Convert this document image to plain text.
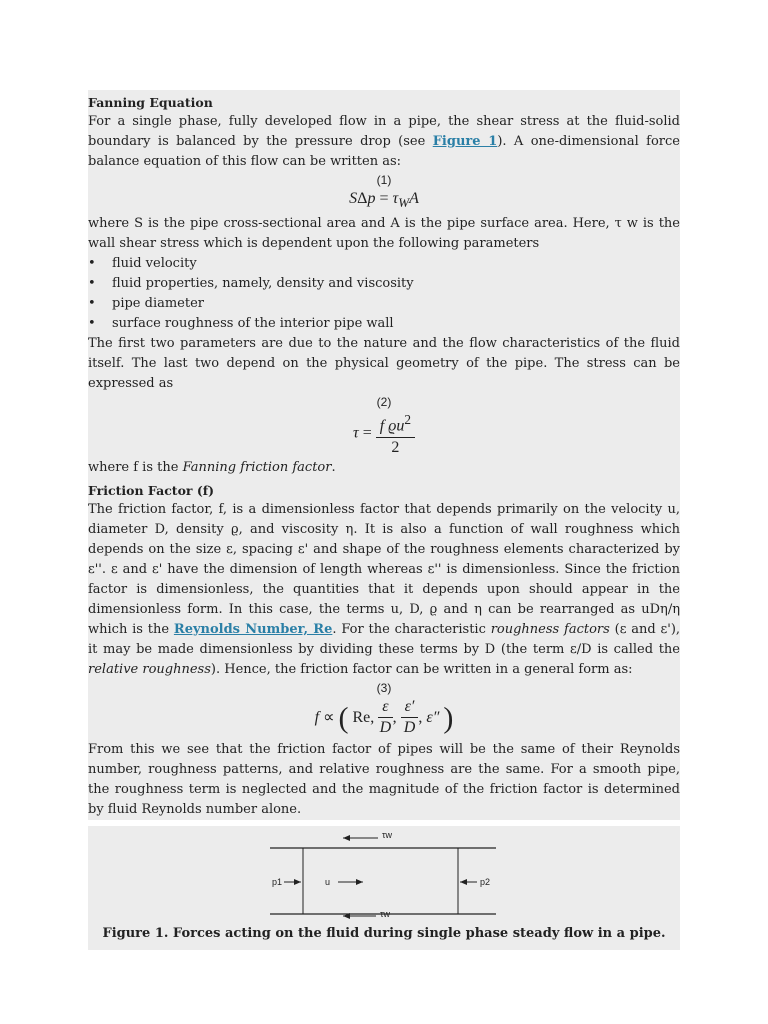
Fanning Equation

For a single phase, fully developed flow in a pipe, the shear stress at the fluid-solid boundary is balanced by the pressure drop (see Figure 1). A one-dimensional force balance equation of this flow can be written as:

(1)
$S\Delta p = \tau_WA$

where S is the pipe cross-sectional area and A is the pipe surface area. Here, τ w is the wall shear stress which is dependent upon the following parameters

• fluid velocity
• fluid properties, namely, density and viscosity
• pipe diameter
• surface roughness of the interior pipe wall

The first two parameters are due to the nature and the flow characteristics of the fluid itself. The last two depend on the physical geometry of the pipe. The stress can be expressed as

(2)
$\tau = \frac{f ϱu^2}{2}$

where f is the Fanning friction factor.

Friction Factor (f)

The friction factor, f, is a dimensionless factor that depends primarily on the velocity u, diameter D, density ϱ, and viscosity η. It is also a function of wall roughness which depends on the size ε, spacing ε' and shape of the roughness elements characterized by ε''. ε and ε' have the dimension of length whereas ε'' is dimensionless. Since the friction factor is dimensionless, the quantities that it depends upon should appear in the dimensionless form. In this case, the terms u, D, ϱ and η can be rearranged as uDη/η which is the Reynolds Number, Re. For the characteristic roughness factors (ε and ε'), it may be made dimensionless by dividing these terms by D (the term ε/D is called the relative roughness). Hence, the friction factor can be written in a general form as:

(3)
f ∝ ( Re, $\frac{\varepsilon}{D}$ , $\frac{\varepsilon'}{D}$ , ε″ )

From this we see that the friction factor of pipes will be the same of their Reynolds number, roughness patterns, and relative roughness are the same. For a smooth pipe, the roughness term is neglected and the magnitude of the friction factor is determined by fluid Reynolds number alone.

τw
p1	u	p2
τw
Figure 1. Forces acting on the fluid during single phase steady flow in a pipe.
